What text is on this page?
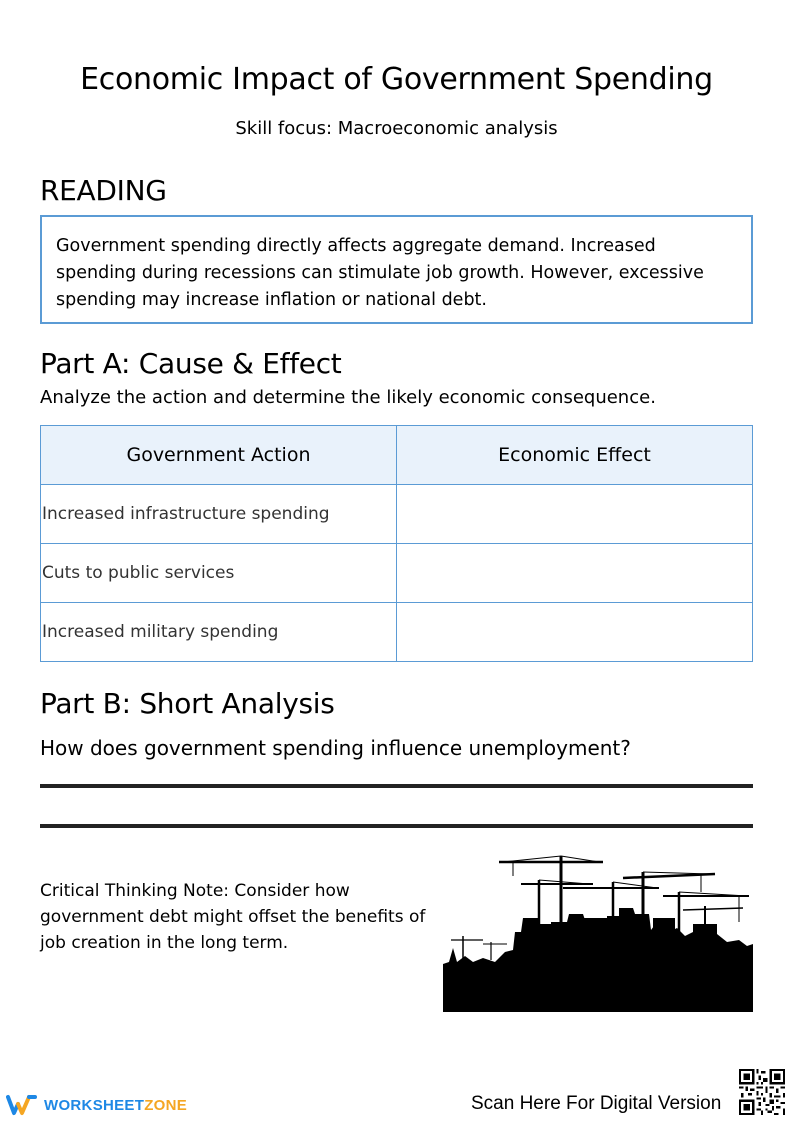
Economic Impact of Government Spending
Skill focus: Macroeconomic analysis
READING
Government spending directly affects aggregate demand. Increased spending during recessions can stimulate job growth. However, excessive spending may increase inflation or national debt.
Part A: Cause & Effect
Analyze the action and determine the likely economic consequence.
Government Action	Economic Effect
Increased infrastructure spending	
Cuts to public services	
Increased military spending	
Part B: Short Analysis
How does government spending influence unemployment?
Critical Thinking Note: Consider how government debt might offset the benefits of job creation in the long term.
WORKSHEETZONE	Scan Here For Digital Version
